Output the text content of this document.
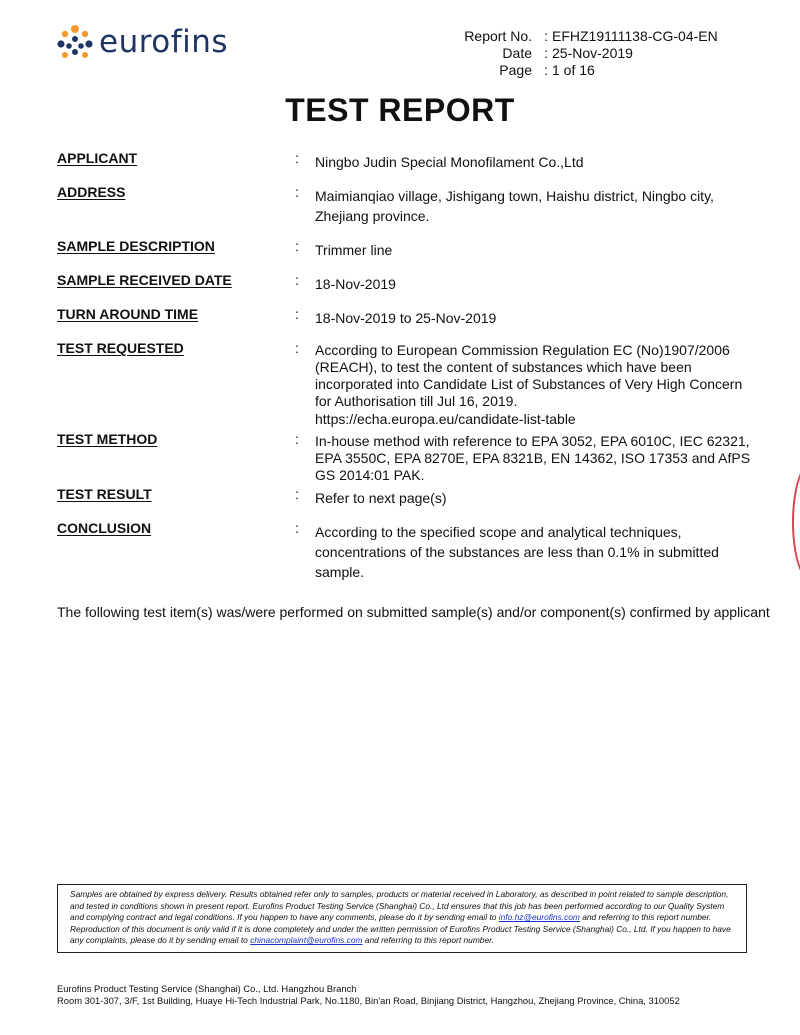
eurofins	Report No. : EFHZ19111138-CG-04-EN
Date : 25-Nov-2019
Page : 1 of 16
TEST REPORT
APPLICANT	: Ningbo Judin Special Monofilament Co.,Ltd
ADDRESS	: Maimianqiao village, Jishigang town, Haishu district, Ningbo city, Zhejiang province.
SAMPLE DESCRIPTION	: Trimmer line
SAMPLE RECEIVED DATE	: 18-Nov-2019
TURN AROUND TIME	: 18-Nov-2019 to 25-Nov-2019
TEST REQUESTED	: According to European Commission Regulation EC (No)1907/2006 (REACH), to test the content of substances which have been incorporated into Candidate List of Substances of Very High Concern for Authorisation till Jul 16, 2019.
https://echa.europa.eu/candidate-list-table
TEST METHOD	: In-house method with reference to EPA 3052, EPA 6010C, IEC 62321, EPA 3550C, EPA 8270E, EPA 8321B, EN 14362, ISO 17353 and AfPS GS 2014:01 PAK.
TEST RESULT	: Refer to next page(s)
CONCLUSION	: According to the specified scope and analytical techniques, concentrations of the substances are less than 0.1% in submitted sample.
The following test item(s) was/were performed on submitted sample(s) and/or component(s) confirmed by applicant
Samples are obtained by express delivery. Results obtained refer only to samples, products or material received in Laboratory, as described in point related to sample description, and tested in conditions shown in present report. Eurofins Product Testing Service (Shanghai) Co., Ltd ensures that this job has been performed according to our Quality System and complying contract and legal conditions. If you happen to have any comments, please do it by sending email to info.hz@eurofins.com and referring to this report number. Reproduction of this document is only valid if it is done completely and under the written permission of Eurofins Product Testing Service (Shanghai) Co., Ltd. If you happen to have any complaints, please do it by sending email to chinacomplaint@eurofins.com and referring to this report number.
Eurofins Product Testing Service (Shanghai) Co., Ltd. Hangzhou Branch
Room 301-307, 3/F, 1st Building, Huaye Hi-Tech Industrial Park, No.1180, Bin'an Road, Binjiang District, Hangzhou, Zhejiang Province, China, 310052
